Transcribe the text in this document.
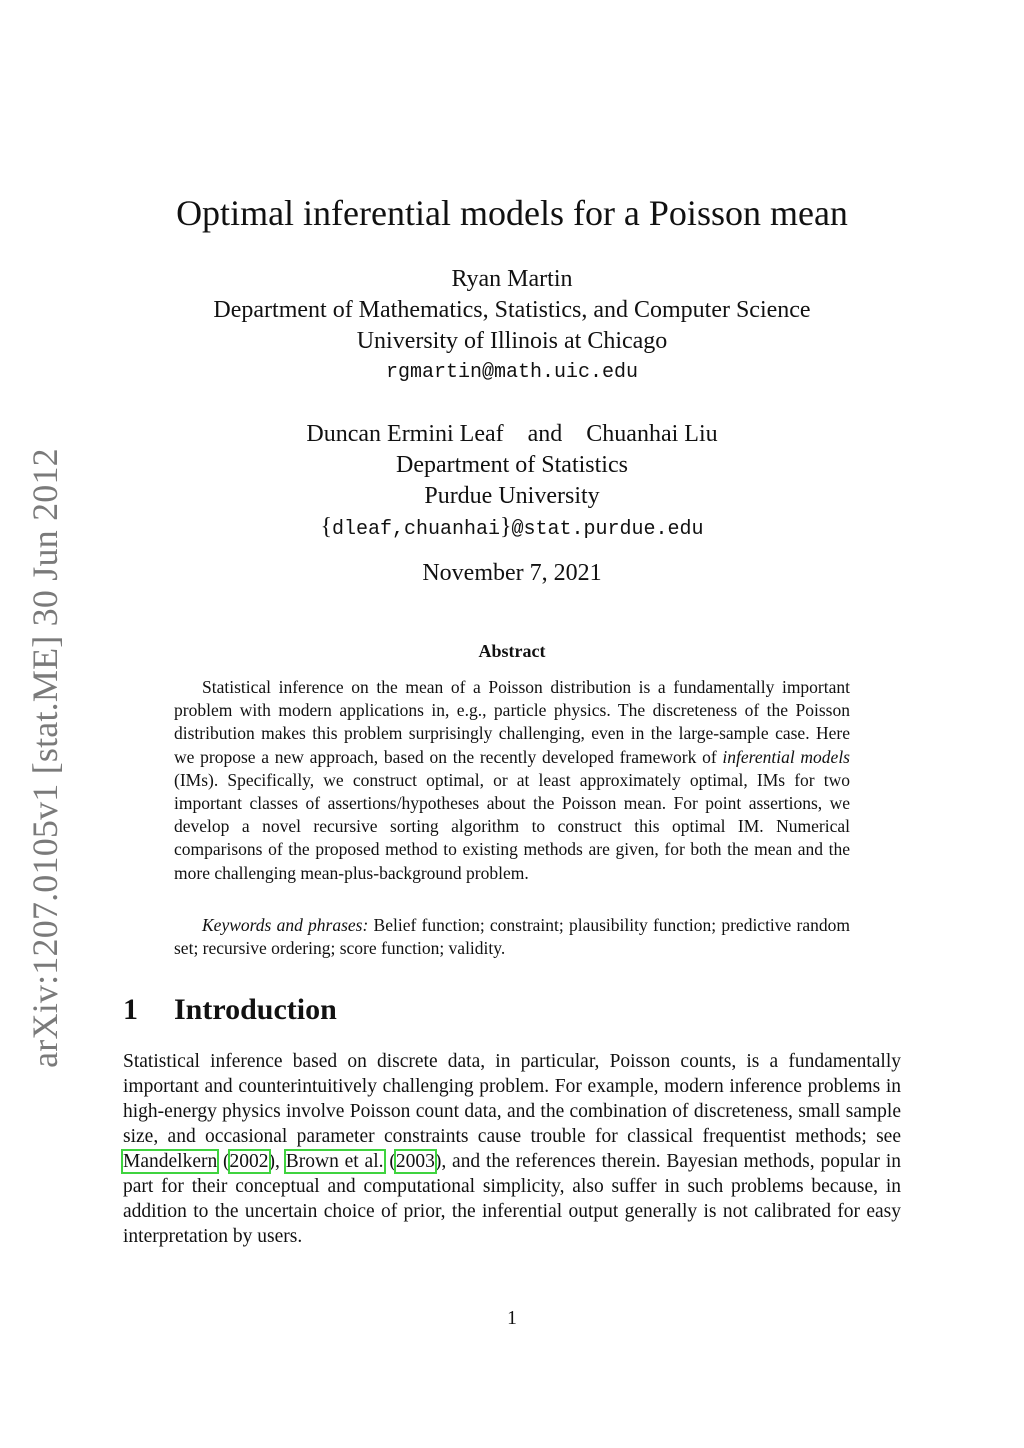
arXiv:1207.0105v1 [stat.ME] 30 Jun 2012
Optimal inferential models for a Poisson mean
Ryan Martin
Department of Mathematics, Statistics, and Computer Science
University of Illinois at Chicago
rgmartin@math.uic.edu
Duncan Ermini Leaf and Chuanhai Liu
Department of Statistics
Purdue University
{dleaf,chuanhai}@stat.purdue.edu
November 7, 2021
Abstract

Statistical inference on the mean of a Poisson distribution is a fundamentally important problem with modern applications in, e.g., particle physics. The discreteness of the Poisson distribution makes this problem surprisingly challenging, even in the large-sample case. Here we propose a new approach, based on the recently developed framework of inferential models (IMs). Specifically, we construct optimal, or at least approximately optimal, IMs for two important classes of assertions/hypotheses about the Poisson mean. For point assertions, we develop a novel recursive sorting algorithm to construct this optimal IM. Numerical comparisons of the proposed method to existing methods are given, for both the mean and the more challenging mean-plus-background problem.

Keywords and phrases: Belief function; constraint; plausibility function; predictive random set; recursive ordering; score function; validity.

1 Introduction

Statistical inference based on discrete data, in particular, Poisson counts, is a fundamentally important and counterintuitively challenging problem. For example, modern inference problems in high-energy physics involve Poisson count data, and the combination of discreteness, small sample size, and occasional parameter constraints cause trouble for classical frequentist methods; see Mandelkern (2002), Brown et al. (2003), and the references therein. Bayesian methods, popular in part for their conceptual and computational simplicity, also suffer in such problems because, in addition to the uncertain choice of prior, the inferential output generally is not calibrated for easy interpretation by users.

1
